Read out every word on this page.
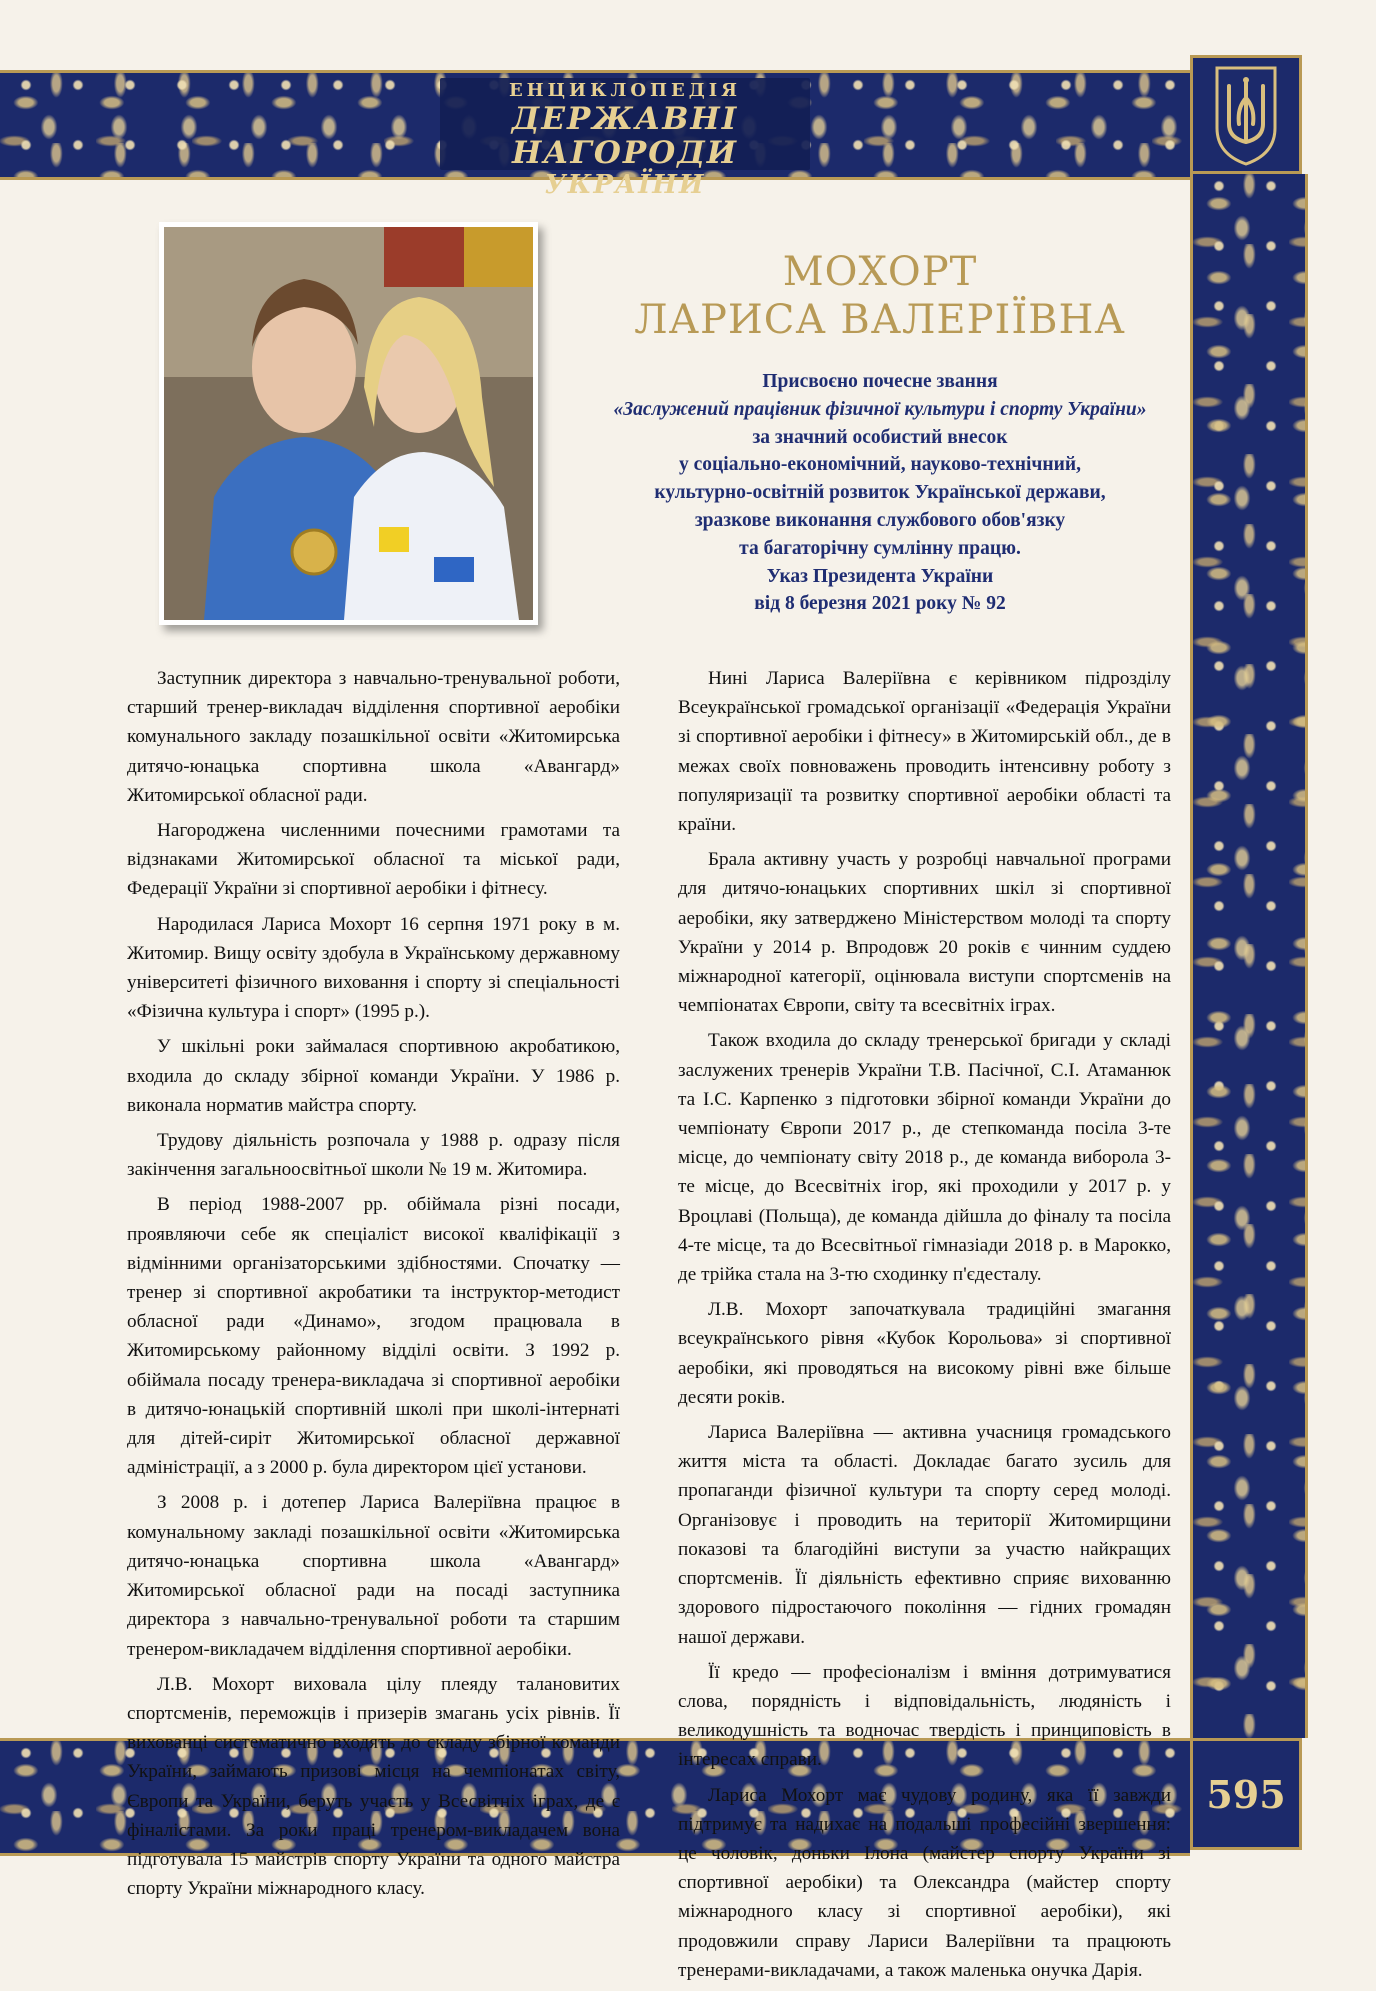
595
ЕНЦИКЛОПЕДІЯ
ДЕРЖАВНІ НАГОРОДИ
УКРАЇНИ
МОХОРТ
ЛАРИСА ВАЛЕРІЇВНА
Присвоєно почесне звання
«Заслужений працівник фізичної культури і спорту України»
за значний особистий внесок
у соціально-економічний, науково-технічний,
культурно-освітній розвиток Української держави,
зразкове виконання службового обов'язку
та багаторічну сумлінну працю.
Указ Президента України
від 8 березня 2021 року № 92

Заступник директора з навчально-тренувальної роботи, старший тренер-викладач відділення спортивної аеробіки комунального закладу позашкільної освіти «Житомирська дитячо-юнацька спортивна школа «Авангард» Житомирської обласної ради.

Нагороджена численними почесними грамотами та відзнаками Житомирської обласної та міської ради, Федерації України зі спортивної аеробіки і фітнесу.

Народилася Лариса Мохорт 16 серпня 1971 року в м. Житомир. Вищу освіту здобула в Українському державному університеті фізичного виховання і спорту зі спеціальності «Фізична культура і спорт» (1995 р.).

У шкільні роки займалася спортивною акробатикою, входила до складу збірної команди України. У 1986 р. виконала норматив майстра спорту.

Трудову діяльність розпочала у 1988 р. одразу після закінчення загальноосвітньої школи № 19 м. Житомира.

В період 1988-2007 рр. обіймала різні посади, проявляючи себе як спеціаліст високої кваліфікації з відмінними організаторськими здібностями. Спочатку — тренер зі спортивної акробатики та інструктор-методист обласної ради «Динамо», згодом працювала в Житомирському районному відділі освіти. З 1992 р. обіймала посаду тренера-викладача зі спортивної аеробіки в дитячо-юнацькій спортивній школі при школі-інтернаті для дітей-сиріт Житомирської обласної державної адміністрації, а з 2000 р. була директором цієї установи.

З 2008 р. і дотепер Лариса Валеріївна працює в комунальному закладі позашкільної освіти «Житомирська дитячо-юнацька спортивна школа «Авангард» Житомирської обласної ради на посаді заступника директора з навчально-тренувальної роботи та старшим тренером-викладачем відділення спортивної аеробіки.

Л.В. Мохорт виховала цілу плеяду талановитих спортсменів, переможців і призерів змагань усіх рівнів. Її вихованці систематично входять до складу збірної команди України, займають призові місця на чемпіонатах світу, Європи та України, беруть участь у Всесвітніх іграх, де є фіналістами. За роки праці тренером-викладачем вона підготувала 15 майстрів спорту України та одного майстра спорту України міжнародного класу.

Нині Лариса Валеріївна є керівником підрозділу Всеукраїнської громадської організації «Федерація України зі спортивної аеробіки і фітнесу» в Житомирській обл., де в межах своїх повноважень проводить інтенсивну роботу з популяризації та розвитку спортивної аеробіки області та країни.

Брала активну участь у розробці навчальної програми для дитячо-юнацьких спортивних шкіл зі спортивної аеробіки, яку затверджено Міністерством молоді та спорту України у 2014 р. Впродовж 20 років є чинним суддею міжнародної категорії, оцінювала виступи спортсменів на чемпіонатах Європи, світу та всесвітніх іграх.

Також входила до складу тренерської бригади у складі заслужених тренерів України Т.В. Пасічної, С.І. Атаманюк та І.С. Карпенко з підготовки збірної команди України до чемпіонату Європи 2017 р., де степкоманда посіла 3-те місце, до чемпіонату світу 2018 р., де команда виборола 3-те місце, до Всесвітніх ігор, які проходили у 2017 р. у Вроцлаві (Польща), де команда дійшла до фіналу та посіла 4-те місце, та до Всесвітньої гімназіади 2018 р. в Марокко, де трійка стала на 3-тю сходинку п'єдесталу.

Л.В. Мохорт започаткувала традиційні змагання всеукраїнського рівня «Кубок Корольова» зі спортивної аеробіки, які проводяться на високому рівні вже більше десяти років.

Лариса Валеріївна — активна учасниця громадського життя міста та області. Докладає багато зусиль для пропаганди фізичної культури та спорту серед молоді. Організовує і проводить на території Житомирщини показові та благодійні виступи за участю найкращих спортсменів. Її діяльність ефективно сприяє вихованню здорового підростаючого покоління — гідних громадян нашої держави.

Її кредо — професіоналізм і вміння дотримуватися слова, порядність і відповідальність, людяність і великодушність та водночас твердість і принциповість в інтересах справи.

Лариса Мохорт має чудову родину, яка її завжди підтримує та надихає на подальші професійні звершення: це чоловік, доньки Ілона (майстер спорту України зі спортивної аеробіки) та Олександра (майстер спорту міжнародного класу зі спортивної аеробіки), які продовжили справу Лариси Валеріївни та працюють тренерами-викладачами, а також маленька онучка Дарія.
